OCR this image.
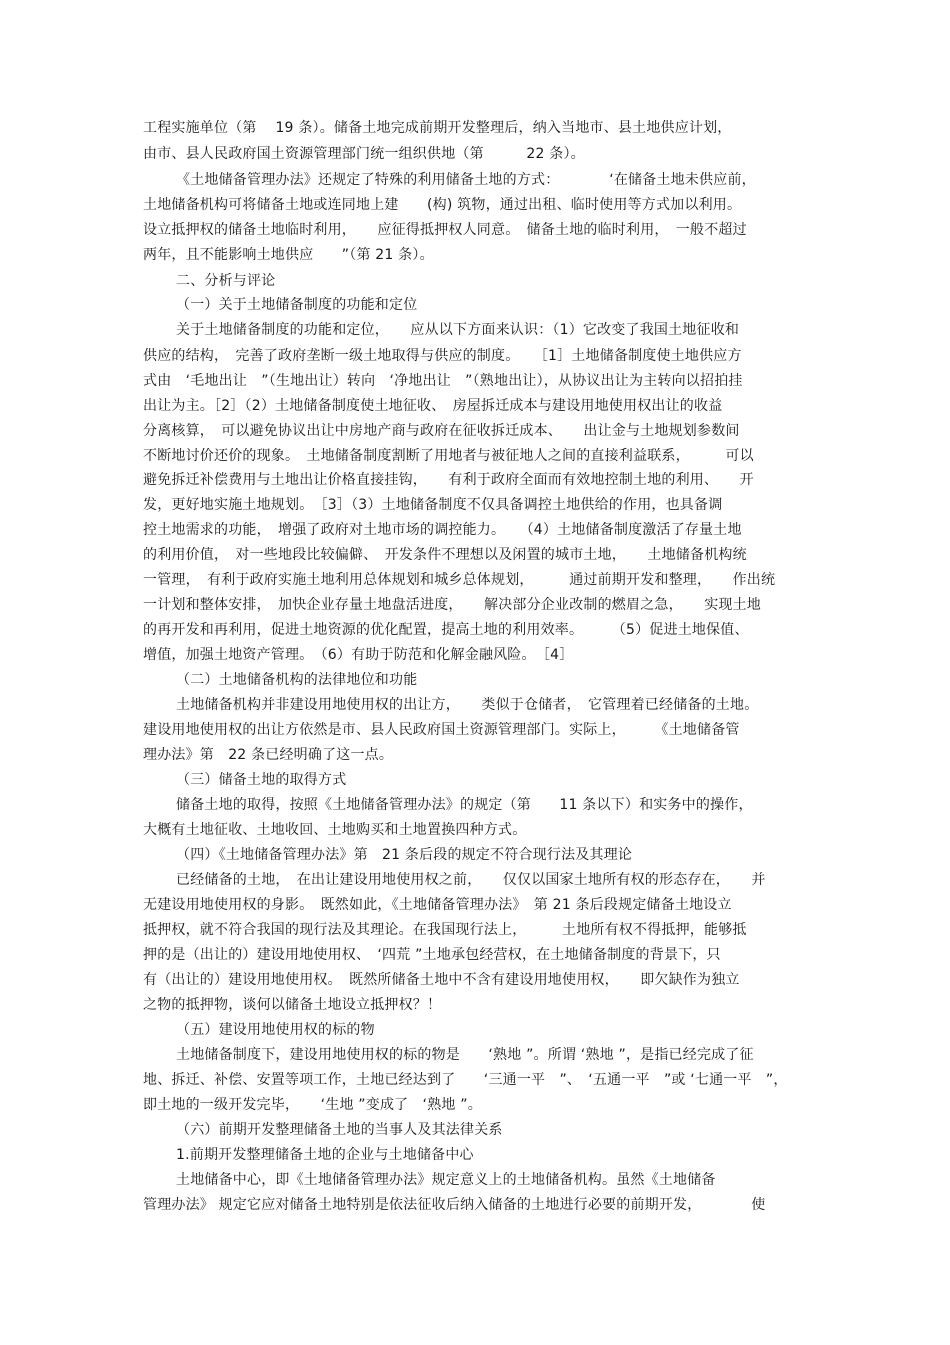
工程实施单位（第 　19 条）。储备土地完成前期开发整理后，纳入当地市、县土地供应计划，
由市、县人民政府国土资源管理部门统一组织供地（第　　　22 条）。
《土地储备管理办法》还规定了特殊的利用储备土地的方式：　　　　‘在储备土地未供应前，
土地储备机构可将储备土地或连同地上建　　(构) 筑物，通过出租、临时使用等方式加以利用。
设立抵押权的储备土地临时利用，　　应征得抵押权人同意。　储备土地的临时利用，　一般不超过
两年，且不能影响土地供应　　”（第 21 条）。
二、分析与评论
（一）关于土地储备制度的功能和定位
关于土地储备制度的功能和定位，　　应从以下方面来认识：（1）它改变了我国土地征收和
供应的结构，　完善了政府垄断一级土地取得与供应的制度。　　［1］土地储备制度使土地供应方
式由　‘毛地出让　”（生地出让）转向　‘净地出让　”（熟地出让），从协议出让为主转向以招拍挂
出让为主。［2］（2）土地储备制度使土地征收、　房屋拆迁成本与建设用地使用权出让的收益
分离核算，　可以避免协议出让中房地产商与政府在征收拆迁成本、　　出让金与土地规划参数间
不断地讨价还价的现象。　土地储备制度割断了用地者与被征地人之间的直接利益联系，　　　可以
避免拆迁补偿费用与土地出让价格直接挂钩，　　有利于政府全面而有效地控制土地的利用、　　开
发，更好地实施土地规划。　［3］（3）土地储备制度不仅具备调控土地供给的作用，也具备调
控土地需求的功能，　增强了政府对土地市场的调控能力。　　（4）土地储备制度激活了存量土地
的利用价值，　对一些地段比较偏僻、　开发条件不理想以及闲置的城市土地，　　土地储备机构统
一管理，　有利于政府实施土地利用总体规划和城乡总体规划，　　　通过前期开发和整理，　　作出统
一计划和整体安排，　加快企业存量土地盘活进度，　　解决部分企业改制的燃眉之急，　　实现土地
的再开发和再利用，促进土地资源的优化配置，提高土地的利用效率。　　　（5）促进土地保值、
增值，加强土地资产管理。　（6）有助于防范和化解金融风险。　［4］
（二）土地储备机构的法律地位和功能
土地储备机构并非建设用地使用权的出让方，　　类似于仓储者，　它管理着已经储备的土地。
建设用地使用权的出让方依然是市、县人民政府国土资源管理部门。实际上，　　　《土地储备管
理办法》第　22 条已经明确了这一点。
（三）储备土地的取得方式
储备土地的取得，按照《土地储备管理办法》的规定（第　　11 条以下）和实务中的操作，
大概有土地征收、土地收回、土地购买和土地置换四种方式。
（四）《土地储备管理办法》第　21 条后段的规定不符合现行法及其理论
已经储备的土地，　在出让建设用地使用权之前，　　仅仅以国家土地所有权的形态存在，　　并
无建设用地使用权的身影。　既然如此，《土地储备管理办法》　第 21 条后段规定储备土地设立
抵押权，就不符合我国的现行法及其理论。在我国现行法上，　　　土地所有权不得抵押，能够抵
押的是（出让的）建设用地使用权、　‘四荒 ”土地承包经营权，在土地储备制度的背景下，只
有（出让的）建设用地使用权。　既然所储备土地中不含有建设用地使用权，　　即欠缺作为独立
之物的抵押物，谈何以储备土地设立抵押权？！
（五）建设用地使用权的标的物
土地储备制度下，建设用地使用权的标的物是　　‘熟地 ”。所谓 ‘熟地 ”，是指已经完成了征
地、拆迁、补偿、安置等项工作，土地已经达到了　　‘三通一平　”、　‘五通一平　”或 ‘七通一平　”，
即土地的一级开发完毕，　　‘生地 ”变成了　‘熟地 ”。
（六）前期开发整理储备土地的当事人及其法律关系
1.前期开发整理储备土地的企业与土地储备中心
土地储备中心，即《土地储备管理办法》规定意义上的土地储备机构。虽然《土地储备
管理办法》 规定它应对储备土地特别是依法征收后纳入储备的土地进行必要的前期开发，　　　　使
